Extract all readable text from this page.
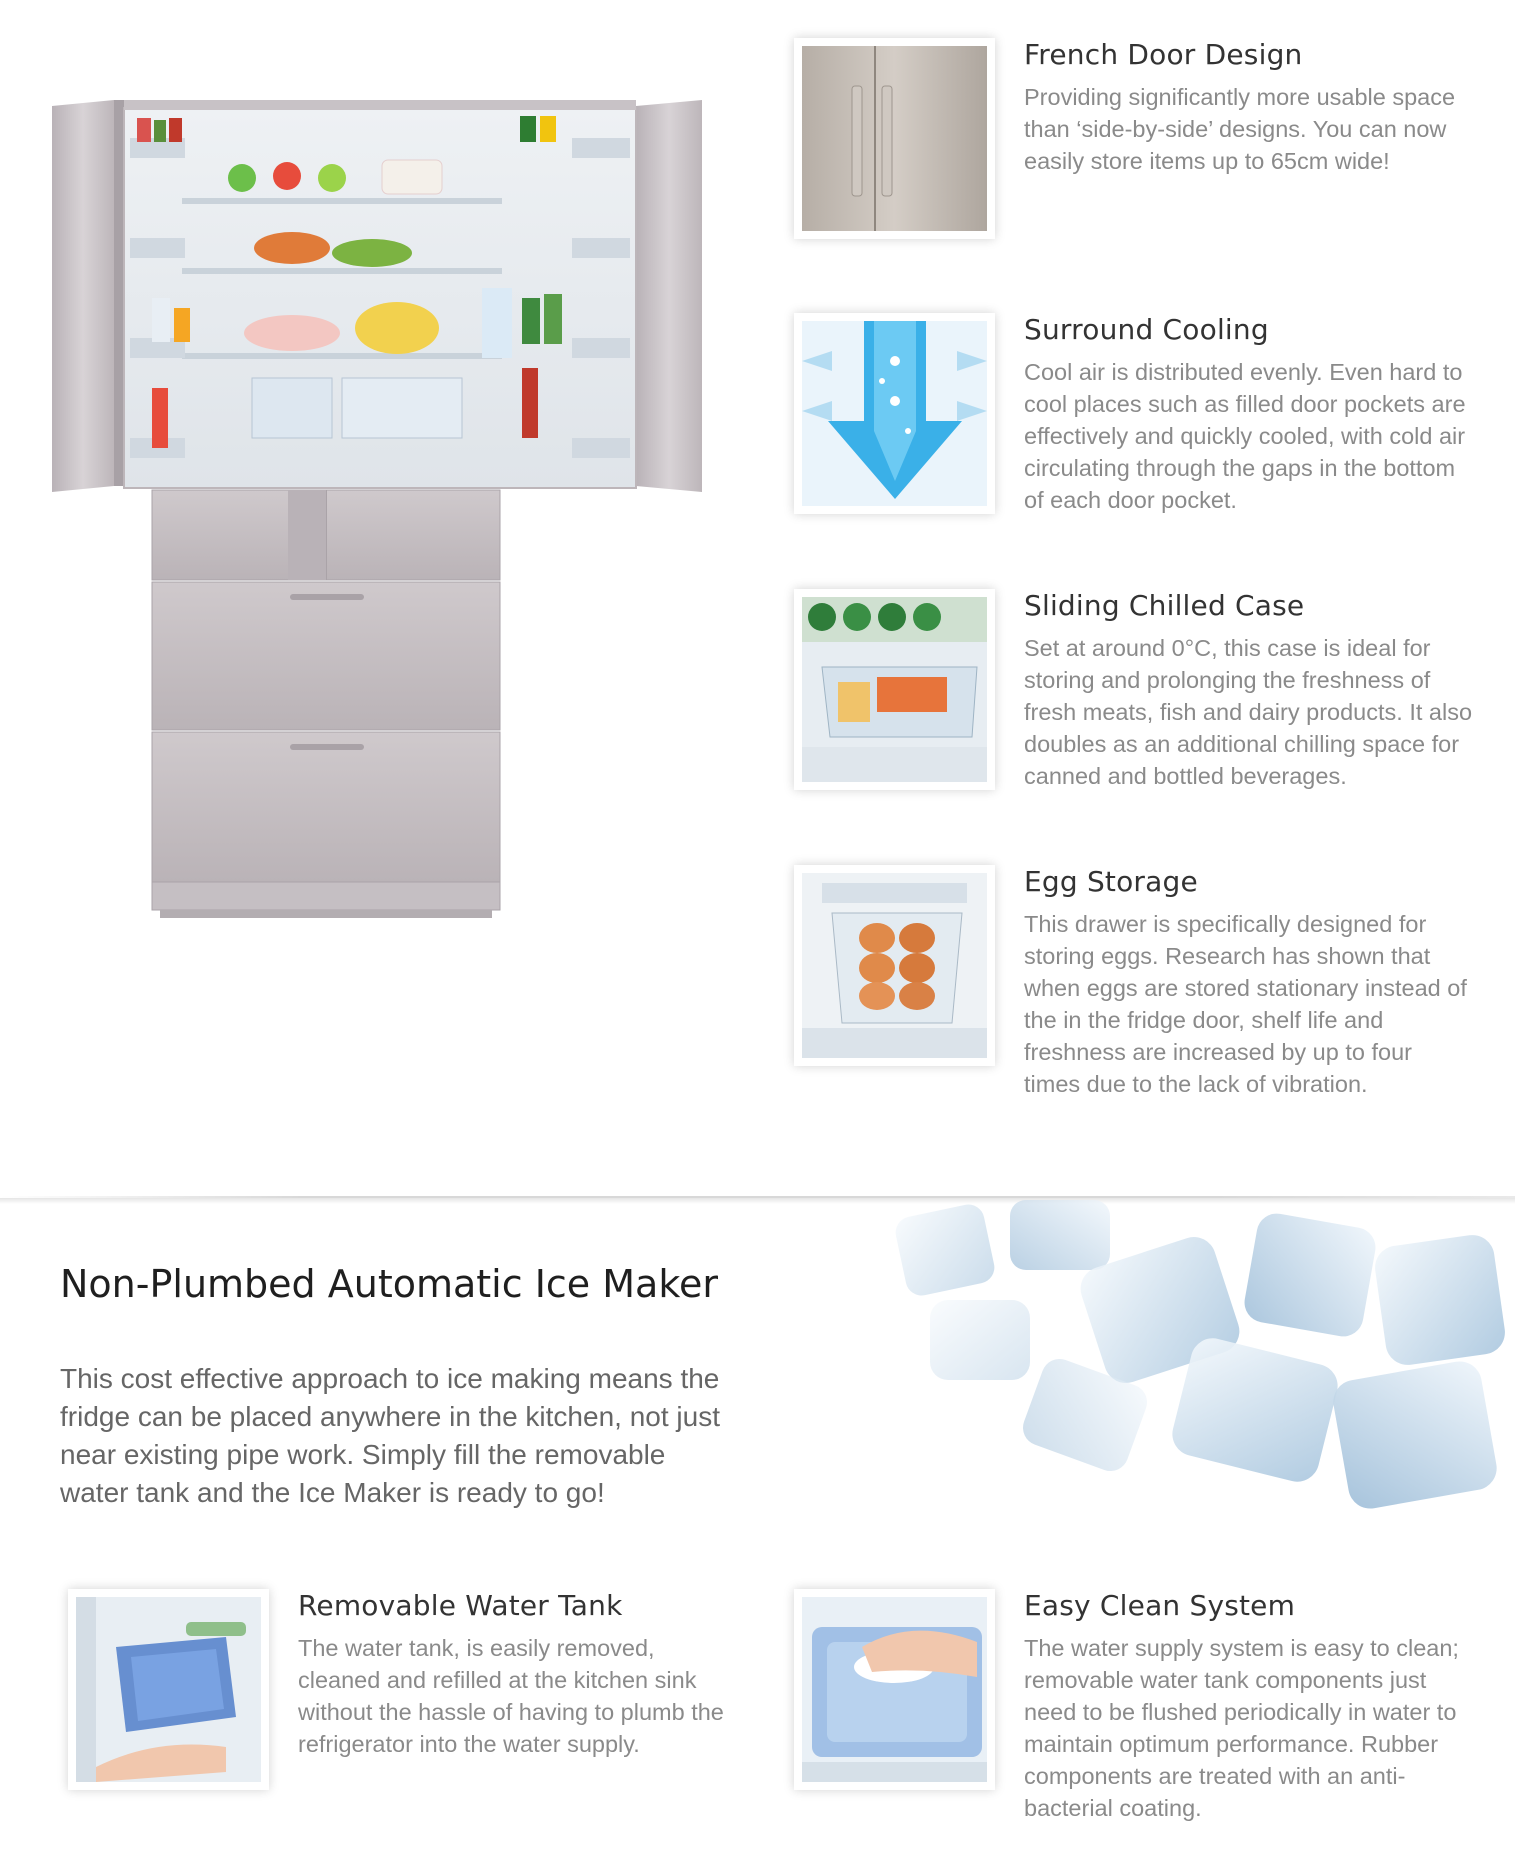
French Door Design

Providing significantly more usable space than ‘side-by-side’ designs. You can now easily store items up to 65cm wide!

Surround Cooling

Cool air is distributed evenly. Even hard to cool places such as filled door pockets are effectively and quickly cooled, with cold air circulating through the gaps in the bottom of each door pocket.

Sliding Chilled Case

Set at around 0°C, this case is ideal for storing and prolonging the freshness of fresh meats, fish and dairy products. It also doubles as an additional chilling space for canned and bottled beverages.

Egg Storage

This drawer is specifically designed for storing eggs. Research has shown that when eggs are stored stationary instead of the in the fridge door, shelf life and freshness are increased by up to four times due to the lack of vibration.

Non-Plumbed Automatic Ice Maker

This cost effective approach to ice making means the fridge can be placed anywhere in the kitchen, not just near existing pipe work. Simply fill the removable water tank and the Ice Maker is ready to go!

Removable Water Tank

The water tank, is easily removed, cleaned and refilled at the kitchen sink without the hassle of having to plumb the refrigerator into the water supply.

Easy Clean System

The water supply system is easy to clean; removable water tank components just need to be flushed periodically in water to maintain optimum performance. Rubber components are treated with an anti-bacterial coating.
